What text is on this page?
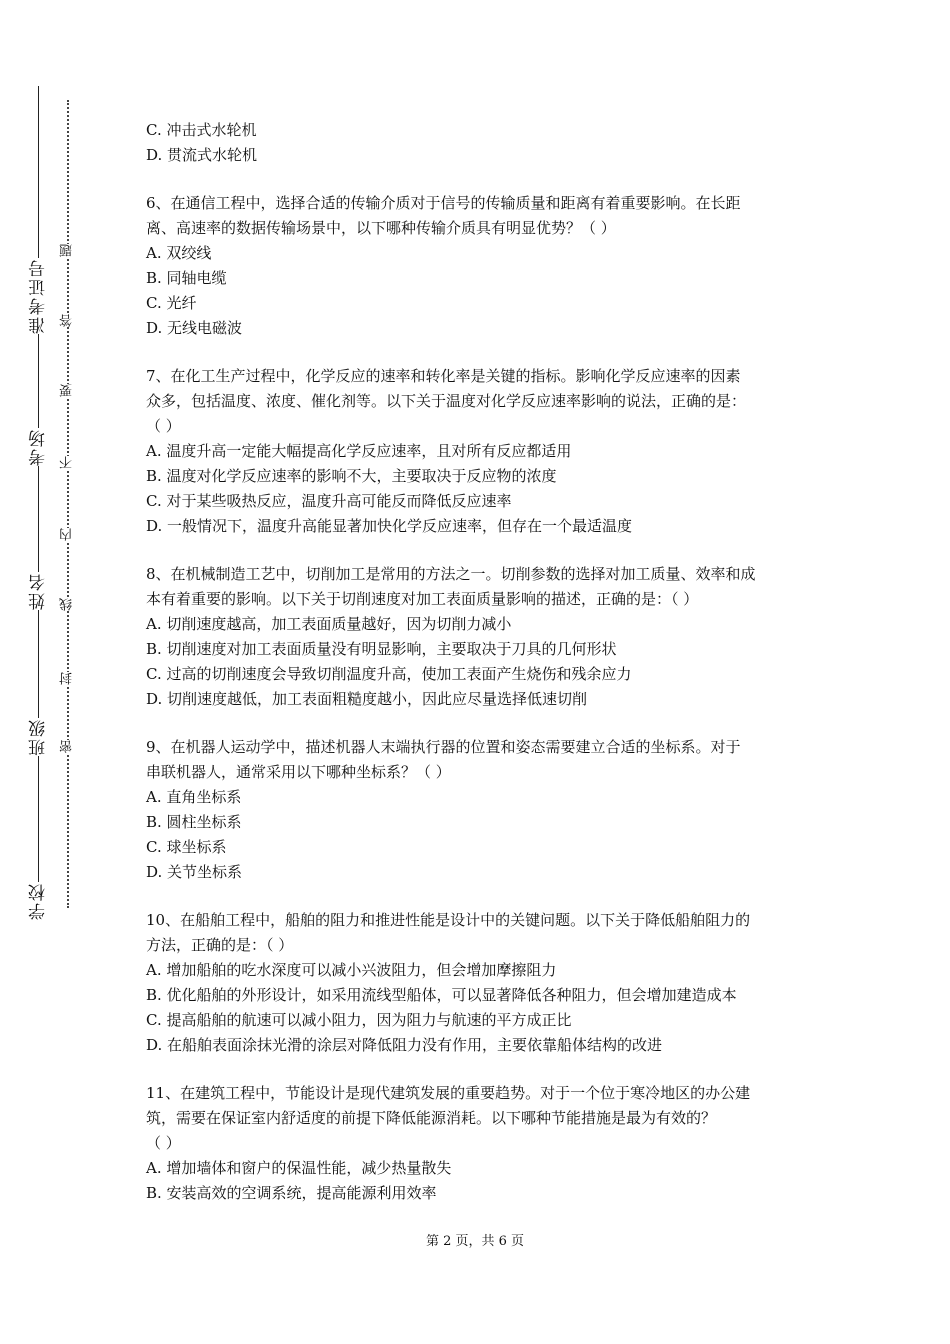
准考证号
考场
姓名
班级
学校
题
答
要
不
内
线
封
密

C. 冲击式水轮机

D. 贯流式水轮机

6、在通信工程中，选择合适的传输介质对于信号的传输质量和距离有着重要影响。在长距

离、高速率的数据传输场景中，以下哪种传输介质具有明显优势？（ ）

A. 双绞线

B. 同轴电缆

C. 光纤

D. 无线电磁波

7、在化工生产过程中，化学反应的速率和转化率是关键的指标。影响化学反应速率的因素

众多，包括温度、浓度、催化剂等。以下关于温度对化学反应速率影响的说法，正确的是：

（ ）

A. 温度升高一定能大幅提高化学反应速率，且对所有反应都适用

B. 温度对化学反应速率的影响不大，主要取决于反应物的浓度

C. 对于某些吸热反应，温度升高可能反而降低反应速率

D. 一般情况下，温度升高能显著加快化学反应速率，但存在一个最适温度

8、在机械制造工艺中，切削加工是常用的方法之一。切削参数的选择对加工质量、效率和成

本有着重要的影响。以下关于切削速度对加工表面质量影响的描述，正确的是：（ ）

A. 切削速度越高，加工表面质量越好，因为切削力减小

B. 切削速度对加工表面质量没有明显影响，主要取决于刀具的几何形状

C. 过高的切削速度会导致切削温度升高，使加工表面产生烧伤和残余应力

D. 切削速度越低，加工表面粗糙度越小，因此应尽量选择低速切削

9、在机器人运动学中，描述机器人末端执行器的位置和姿态需要建立合适的坐标系。对于

串联机器人，通常采用以下哪种坐标系？（ ）

A. 直角坐标系

B. 圆柱坐标系

C. 球坐标系

D. 关节坐标系

10、在船舶工程中，船舶的阻力和推进性能是设计中的关键问题。以下关于降低船舶阻力的

方法，正确的是：（ ）

A. 增加船舶的吃水深度可以减小兴波阻力，但会增加摩擦阻力

B. 优化船舶的外形设计，如采用流线型船体，可以显著降低各种阻力，但会增加建造成本

C. 提高船舶的航速可以减小阻力，因为阻力与航速的平方成正比

D. 在船舶表面涂抹光滑的涂层对降低阻力没有作用，主要依靠船体结构的改进

11、在建筑工程中，节能设计是现代建筑发展的重要趋势。对于一个位于寒冷地区的办公建

筑，需要在保证室内舒适度的前提下降低能源消耗。以下哪种节能措施是最为有效的？

（ ）

A. 增加墙体和窗户的保温性能，减少热量散失

B. 安装高效的空调系统，提高能源利用效率

第 2 页，共 6 页
